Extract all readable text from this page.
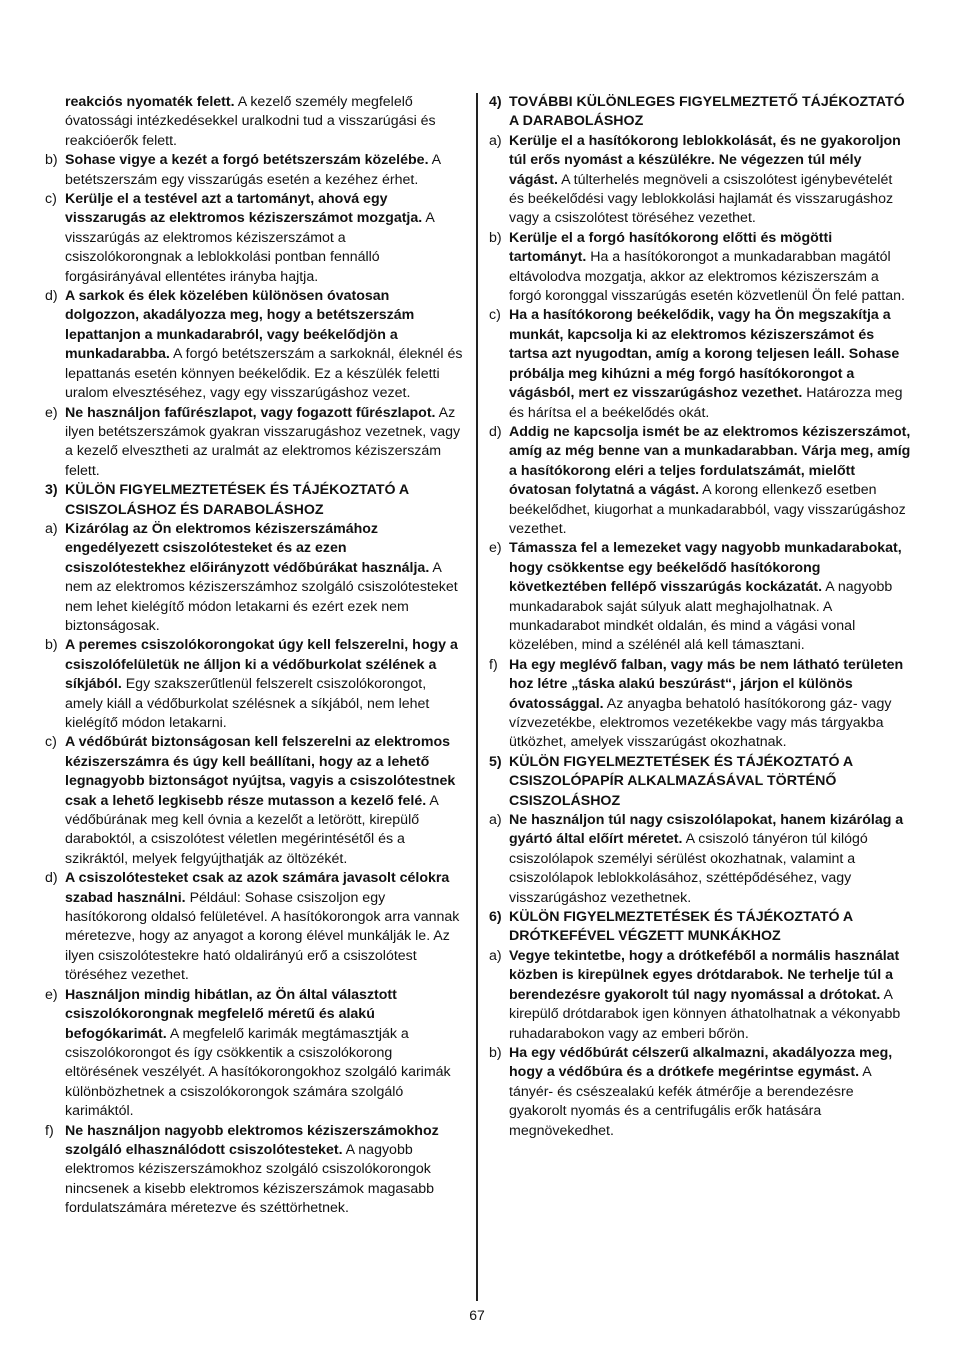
reakciós nyomaték felett. A kezelő személy megfelelő óvatossági intézkedésekkel uralkodni tud a visszarúgási és reakcióerők felett.
b) Sohase vigye a kezét a forgó betétszerszám közelébe. A betétszerszám egy visszarúgás esetén a kezéhez érhet.
c) Kerülje el a testével azt a tartományt, ahová egy visszarugás az elektromos kéziszerszámot mozgatja. A visszarúgás az elektromos kéziszerszámot a csiszolókorongnak a leblokkolási pontban fennálló forgásirányával ellentétes irányba hajtja.
d) A sarkok és élek közelében különösen óvatosan dolgozzon, akadályozza meg, hogy a betétszerszám lepattanjon a munkadarabról, vagy beékelődjön a munkadarabba. A forgó betétszerszám a sarkoknál, éleknél és lepattanás esetén könnyen beékelődik. Ez a készülék feletti uralom elvesztéséhez, vagy egy visszarúgáshoz vezet.
e) Ne használjon fafűrészlapot, vagy fogazott fűrészlapot. Az ilyen betétszerszámok gyakran visszarugáshoz vezetnek, vagy a kezelő elvesztheti az uralmát az elektromos kéziszerszám felett.
3) KÜLÖN FIGYELMEZTETÉSEK ÉS TÁJÉKOZTATÓ A CSISZOLÁSHOZ ÉS DARABOLÁSHOZ
a) Kizárólag az Ön elektromos kéziszerszámához engedélyezett csiszolótesteket és az ezen csiszolótestekhez előirányzott védőbúrákat használja. A nem az elektromos kéziszerszámhoz szolgáló csiszolótesteket nem lehet kielégítő módon letakarni és ezért ezek nem biztonságosak.
b) A peremes csiszolókorongokat úgy kell felszerelni, hogy a csiszolófelületük ne álljon ki a védőburkolat szélének a síkjából. Egy szakszerűtlenül felszerelt csiszolókorongot, amely kiáll a védőburkolat szélésnek a síkjából, nem lehet kielégítő módon letakarni.
c) A védőbúrát biztonságosan kell felszerelni az elektromos kéziszerszámra és úgy kell beállítani, hogy az a lehető legnagyobb biztonságot nyújtsa, vagyis a csiszolótestnek csak a lehető legkisebb része mutasson a kezelő felé. A védőbúrának meg kell óvnia a kezelőt a letörött, kirepülő daraboktól, a csiszolótest véletlen megérintésétől és a szikráktól, melyek felgyújthatják az öltözékét.
d) A csiszolótesteket csak az azok számára javasolt célokra szabad használni. Például: Sohase csiszoljon egy hasítókorong oldalsó felületével. A hasítókorongok arra vannak méretezve, hogy az anyagot a korong élével munkálják le. Az ilyen csiszolótestekre ható oldalirányú erő a csiszolótest töréséhez vezethet.
e) Használjon mindig hibátlan, az Ön által választott csiszolókorongnak megfelelő méretű és alakú befogókarimát. A megfelelő karimák megtámasztják a csiszolókorongot és így csökkentik a csiszolókorong eltörésének veszélyét. A hasítókorongokhoz szolgáló karimák különbözhetnek a csiszolókorongok számára szolgáló karimáktól.
f) Ne használjon nagyobb elektromos kéziszerszámokhoz szolgáló elhasználódott csiszolótesteket. A nagyobb elektromos kéziszerszámokhoz szolgáló csiszolókorongok nincsenek a kisebb elektromos kéziszerszámok magasabb fordulatszámára méretezve és széttörhetnek.
4) TOVÁBBI KÜLÖNLEGES FIGYELMEZTETŐ TÁJÉKOZTATÓ A DARABOLÁSHOZ
a) Kerülje el a hasítókorong leblokkolását, és ne gyakoroljon túl erős nyomást a készülékre. Ne végezzen túl mély vágást. A túlterhelés megnöveli a csiszolótest igénybevételét és beékelődési vagy leblokkolási hajlamát és visszarugáshoz vagy a csiszolótest töréséhez vezethet.
b) Kerülje el a forgó hasítókorong előtti és mögötti tartományt. Ha a hasítókorongot a munkadarabban magától eltávolodva mozgatja, akkor az elektromos kéziszerszám a forgó koronggal visszarúgás esetén közvetlenül Ön felé pattan.
c) Ha a hasítókorong beékelődik, vagy ha Ön megszakítja a munkát, kapcsolja ki az elektromos kéziszerszámot és tartsa azt nyugodtan, amíg a korong teljesen leáll. Sohase próbálja meg kihúzni a még forgó hasítókorongot a vágásból, mert ez visszarúgáshoz vezethet. Határozza meg és hárítsa el a beékelődés okát.
d) Addig ne kapcsolja ismét be az elektromos kéziszerszámot, amíg az még benne van a munkadarabban. Várja meg, amíg a hasítókorong eléri a teljes fordulatszámát, mielőtt óvatosan folytatná a vágást. A korong ellenkező esetben beékelődhet, kiugorhat a munkadarabból, vagy visszarúgáshoz vezethet.
e) Támassza fel a lemezeket vagy nagyobb munkadarabokat, hogy csökkentse egy beékelődő hasítókorong következtében fellépő visszarúgás kockázatát. A nagyobb munkadarabok saját súlyuk alatt meghajolhatnak. A munkadarabot mindkét oldalán, és mind a vágási vonal közelében, mind a szélénél alá kell támasztani.
f) Ha egy meglévő falban, vagy más be nem látható területen hoz létre „táska alakú beszúrást“, járjon el különös óvatossággal. Az anyagba behatoló hasítókorong gáz- vagy vízvezetékbe, elektromos vezetékekbe vagy más tárgyakba ütközhet, amelyek visszarúgást okozhatnak.
5) KÜLÖN FIGYELMEZTETÉSEK ÉS TÁJÉKOZTATÓ A CSISZOLÓPAPÍR ALKALMAZÁSÁVAL TÖRTÉNŐ CSISZOLÁSHOZ
a) Ne használjon túl nagy csiszolólapokat, hanem kizárólag a gyártó által előírt méretet. A csiszoló tányéron túl kilógó csiszolólapok személyi sérülést okozhatnak, valamint a csiszolólapok leblokkolásához, széttépődéséhez, vagy visszarúgáshoz vezethetnek.
6) KÜLÖN FIGYELMEZTETÉSEK ÉS TÁJÉKOZTATÓ A DRÓTKEFÉVEL VÉGZETT MUNKÁKHOZ
a) Vegye tekintetbe, hogy a drótkeféből a normális használat közben is kirepülnek egyes drótdarabok. Ne terhelje túl a berendezésre gyakorolt túl nagy nyomással a drótokat. A kirepülő drótdarabok igen könnyen áthatolhatnak a vékonyabb ruhadarabokon vagy az emberi bőrön.
b) Ha egy védőbúrát célszerű alkalmazni, akadályozza meg, hogy a védőbúra és a drótkefe megérintse egymást. A tányér- és csészealakú kefék átmérője a berendezésre gyakorolt nyomás és a centrifugális erők hatására megnövekedhet.
67
